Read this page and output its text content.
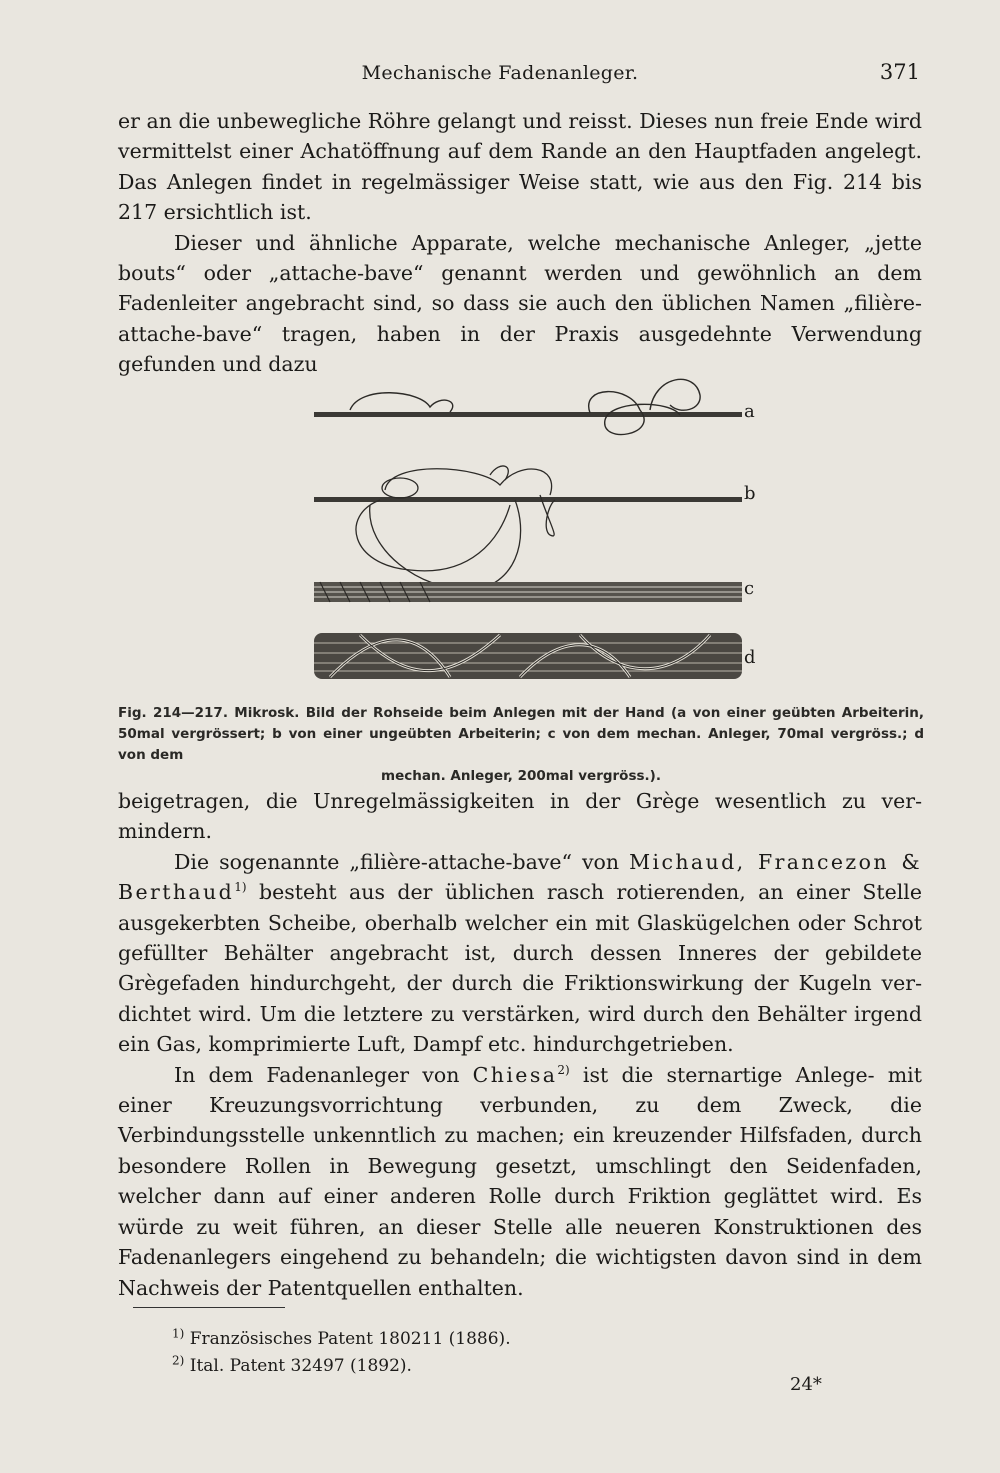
Mechanische Fadenanleger.	371

er an die unbewegliche Röhre gelangt und reisst. Dieses nun freie Ende wird vermittelst einer Achatöffnung auf dem Rande an den Hauptfaden angelegt. Das Anlegen findet in regelmässiger Weise statt, wie aus den Fig. 214 bis 217 ersichtlich ist.

Dieser und ähnliche Apparate, welche mechanische Anleger, „jette bouts“ oder „attache-bave“ genannt werden und gewöhnlich an dem Fadenleiter angebracht sind, so dass sie auch den üblichen Namen „filière-attache-bave“ tragen, haben in der Praxis ausgedehnte Verwendung gefunden und dazu

a
b
c
d
Fig. 214—217. Mikrosk. Bild der Rohseide beim Anlegen mit der Hand (a von einer geübten Arbeiterin, 50mal vergrössert; b von einer ungeübten Arbeiterin; c von dem mechan. Anleger, 70mal vergröss.; d von dem
mechan. Anleger, 200mal vergröss.).

beigetragen, die Unregelmässigkeiten in der Grège wesentlich zu vermindern.

Die sogenannte „filière-attache-bave“ von Michaud, Francezon & Berthaud$^{1)}$ besteht aus der üblichen rasch rotierenden, an einer Stelle ausgekerbten Scheibe, oberhalb welcher ein mit Glaskügelchen oder Schrot gefüllter Behälter angebracht ist, durch dessen Inneres der gebildete Grègefaden hindurchgeht, der durch die Friktionswirkung der Kugeln verdichtet wird. Um die letztere zu verstärken, wird durch den Behälter irgend ein Gas, komprimierte Luft, Dampf etc. hindurchgetrieben.

In dem Fadenanleger von Chiesa$^{2)}$ ist die sternartige Anlege- mit einer Kreuzungsvorrichtung verbunden, zu dem Zweck, die Verbindungsstelle unkenntlich zu machen; ein kreuzender Hilfsfaden, durch besondere Rollen in Bewegung gesetzt, umschlingt den Seidenfaden, welcher dann auf einer anderen Rolle durch Friktion geglättet wird. Es würde zu weit führen, an dieser Stelle alle neueren Konstruktionen des Fadenanlegers eingehend zu behandeln; die wichtigsten davon sind in dem Nachweis der Patentquellen enthalten.

$^{1)}$ Französisches Patent 180211 (1886).
$^{2)}$ Ital. Patent 32497 (1892).
24*
